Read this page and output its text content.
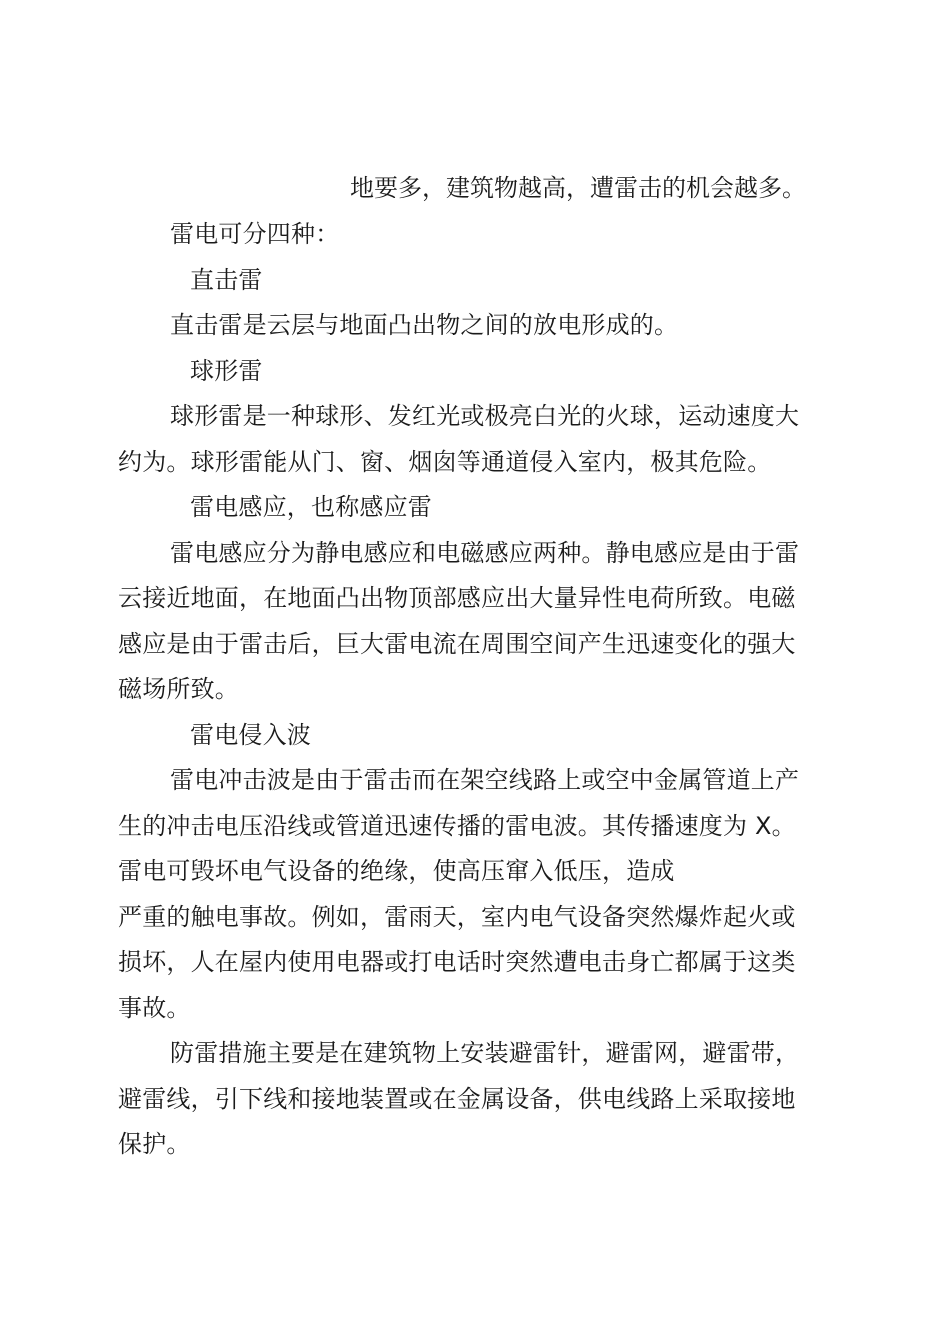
地要多，建筑物越高，遭雷击的机会越多。
雷电可分四种：
直击雷
直击雷是云层与地面凸出物之间的放电形成的。
球形雷
球形雷是一种球形、发红光或极亮白光的火球，运动速度大
约为。球形雷能从门、窗、烟囱等通道侵入室内，极其危险。
雷电感应，也称感应雷
雷电感应分为静电感应和电磁感应两种。静电感应是由于雷
云接近地面，在地面凸出物顶部感应出大量异性电荷所致。电磁
感应是由于雷击后，巨大雷电流在周围空间产生迅速变化的强大
磁场所致。
雷电侵入波
雷电冲击波是由于雷击而在架空线路上或空中金属管道上产
生的冲击电压沿线或管道迅速传播的雷电波。其传播速度为 X。
雷电可毁坏电气设备的绝缘，使高压窜入低压，造成
严重的触电事故。例如，雷雨天，室内电气设备突然爆炸起火或
损坏，人在屋内使用电器或打电话时突然遭电击身亡都属于这类
事故。
防雷措施主要是在建筑物上安装避雷针，避雷网，避雷带，
避雷线，引下线和接地装置或在金属设备，供电线路上采取接地
保护。
